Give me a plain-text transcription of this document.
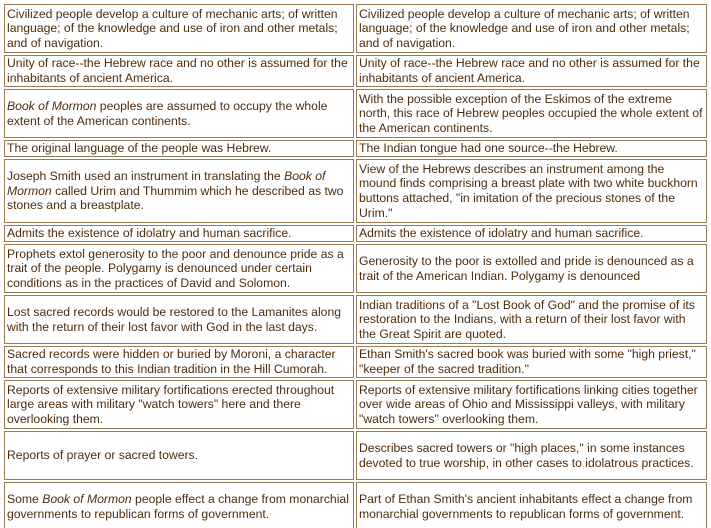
Civilized people develop a culture of mechanic arts; of written language; of the knowledge and use of iron and other metals; and of navigation.	Civilized people develop a culture of mechanic arts; of written language; of the knowledge and use of iron and other metals; and of navigation.
Unity of race--the Hebrew race and no other is assumed for the inhabitants of ancient America.	Unity of race--the Hebrew race and no other is assumed for the inhabitants of ancient America.
Book of Mormon peoples are assumed to occupy the whole extent of the American continents.	With the possible exception of the Eskimos of the extreme north, this race of Hebrew peoples occupied the whole extent of the American continents.
The original language of the people was Hebrew.	The Indian tongue had one source--the Hebrew.
Joseph Smith used an instrument in translating the Book of Mormon called Urim and Thummim which he described as two stones and a breastplate.	View of the Hebrews describes an instrument among the mound finds comprising a breast plate with two white buckhorn buttons attached, "in imitation of the precious stones of the Urim."
Admits the existence of idolatry and human sacrifice.	Admits the existence of idolatry and human sacrifice.
Prophets extol generosity to the poor and denounce pride as a trait of the people. Polygamy is denounced under certain conditions as in the practices of David and Solomon.	Generosity to the poor is extolled and pride is denounced as a trait of the American Indian. Polygamy is denounced
Lost sacred records would be restored to the Lamanites along with the return of their lost favor with God in the last days.	Indian traditions of a "Lost Book of God" and the promise of its restoration to the Indians, with a return of their lost favor with the Great Spirit are quoted.
Sacred records were hidden or buried by Moroni, a character that corresponds to this Indian tradition in the Hill Cumorah.	Ethan Smith's sacred book was buried with some "high priest," "keeper of the sacred tradition."
Reports of extensive military fortifications erected throughout large areas with military "watch towers" here and there overlooking them.	Reports of extensive military fortifications linking cities together over wide areas of Ohio and Mississippi valleys, with military "watch towers" overlooking them.
Reports of prayer or sacred towers.	Describes sacred towers or "high places," in some instances devoted to true worship, in other cases to idolatrous practices.
Some Book of Mormon people effect a change from monarchial governments to republican forms of government.	Part of Ethan Smith's ancient inhabitants effect a change from monarchial governments to republican forms of government.
